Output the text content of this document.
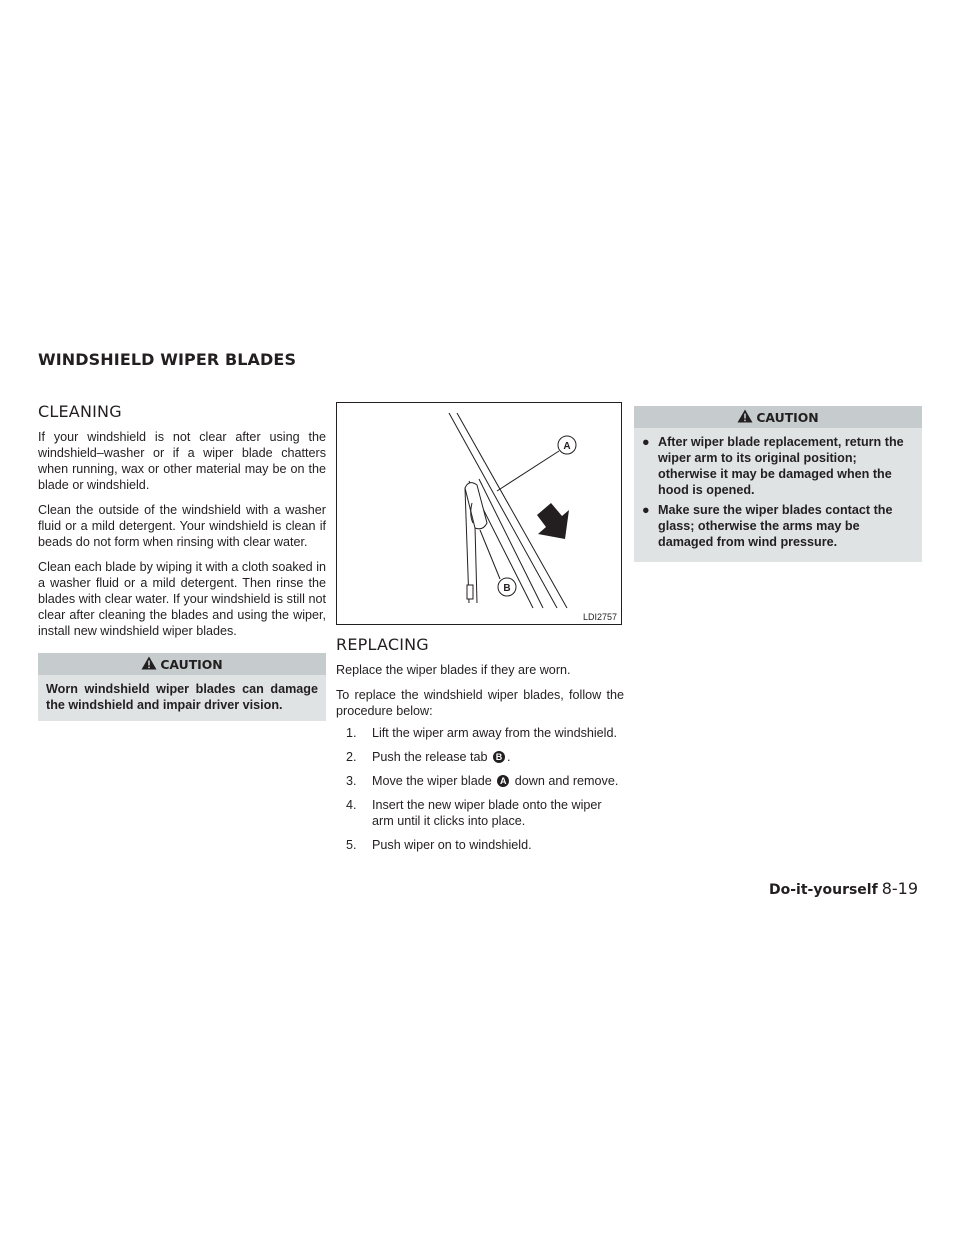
WINDSHIELD WIPER BLADES
CLEANING

If your windshield is not clear after using the windshield–washer or if a wiper blade chatters when running, wax or other material may be on the blade or windshield.

Clean the outside of the windshield with a washer fluid or a mild detergent. Your windshield is clean if beads do not form when rinsing with clear water.

Clean each blade by wiping it with a cloth soaked in a washer fluid or a mild detergent. Then rinse the blades with clear water. If your windshield is still not clear after cleaning the blades and using the wiper, install new windshield wiper blades.

CAUTION
Worn windshield wiper blades can damage the windshield and impair driver vision.
A
B
LDI2757
REPLACING

Replace the wiper blades if they are worn.

To replace the windshield wiper blades, follow the procedure below:

1. Lift the wiper arm away from the windshield.
2. Push the release tab B .
3. Move the wiper blade A down and remove.
4. Insert the new wiper blade onto the wiper arm until it clicks into place.
5. Push wiper on to windshield.
CAUTION
● After wiper blade replacement, return the wiper arm to its original position; otherwise it may be damaged when the hood is opened.
● Make sure the wiper blades contact the glass; otherwise the arms may be damaged from wind pressure.
Do-it-yourself 8-19
